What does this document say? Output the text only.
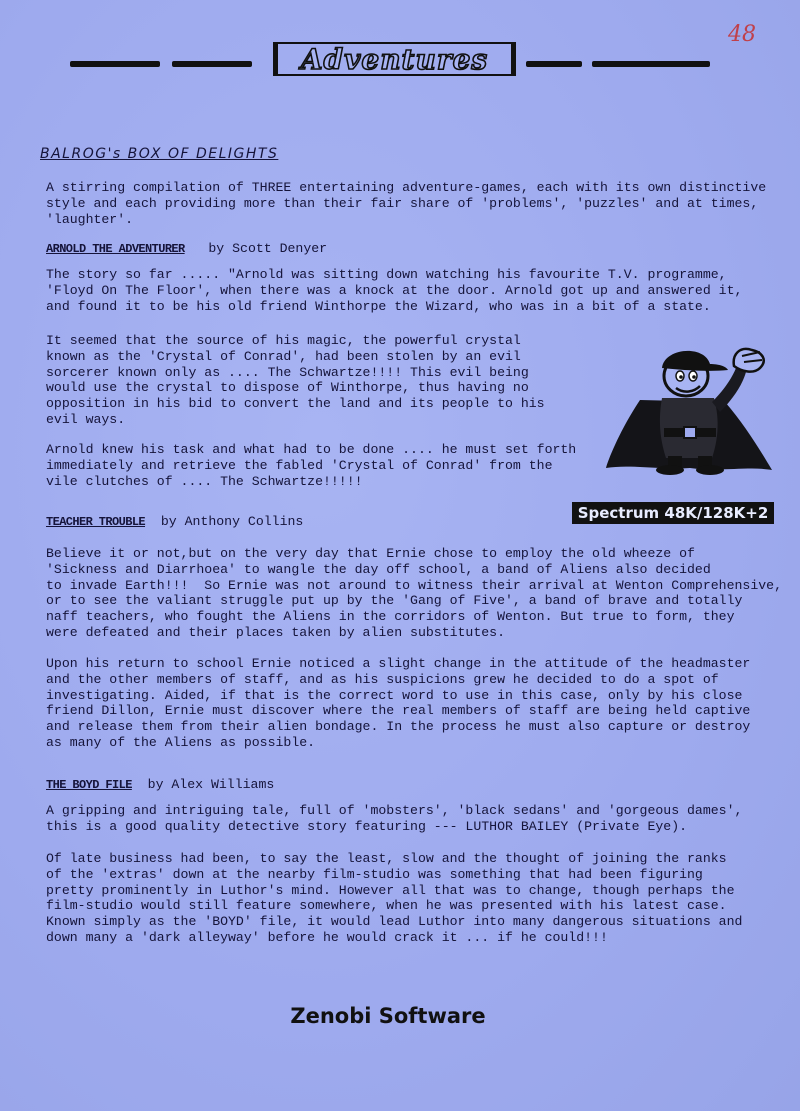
Adventures
48
BALROG's BOX OF DELIGHTS
A stirring compilation of THREE entertaining adventure-games, each with its own distinctive
style and each providing more than their fair share of 'problems', 'puzzles' and at times,
'laughter'.
ARNOLD THE ADVENTURER by Scott Denyer
The story so far ..... "Arnold was sitting down watching his favourite T.V. programme,
'Floyd On The Floor', when there was a knock at the door. Arnold got up and answered it,
and found it to be his old friend Winthorpe the Wizard, who was in a bit of a state.
It seemed that the source of his magic, the powerful crystal
known as the 'Crystal of Conrad', had been stolen by an evil
sorcerer known only as .... The Schwartze!!!! This evil being
would use the crystal to dispose of Winthorpe, thus having no
opposition in his bid to convert the land and its people to his
evil ways.
Arnold knew his task and what had to be done .... he must set forth
immediately and retrieve the fabled 'Crystal of Conrad' from the
vile clutches of .... The Schwartze!!!!!
Spectrum 48K/128K+2
TEACHER TROUBLE by Anthony Collins
Believe it or not,but on the very day that Ernie chose to employ the old wheeze of
'Sickness and Diarrhoea' to wangle the day off school, a band of Aliens also decided
to invade Earth!!!  So Ernie was not around to witness their arrival at Wenton Comprehensive,
or to see the valiant struggle put up by the 'Gang of Five', a band of brave and totally
naff teachers, who fought the Aliens in the corridors of Wenton. But true to form, they
were defeated and their places taken by alien substitutes.
Upon his return to school Ernie noticed a slight change in the attitude of the headmaster
and the other members of staff, and as his suspicions grew he decided to do a spot of
investigating. Aided, if that is the correct word to use in this case, only by his close
friend Dillon, Ernie must discover where the real members of staff are being held captive
and release them from their alien bondage. In the process he must also capture or destroy
as many of the Aliens as possible.
THE BOYD FILE by Alex Williams
A gripping and intriguing tale, full of 'mobsters', 'black sedans' and 'gorgeous dames',
this is a good quality detective story featuring --- LUTHOR BAILEY (Private Eye).
Of late business had been, to say the least, slow and the thought of joining the ranks
of the 'extras' down at the nearby film-studio was something that had been figuring
pretty prominently in Luthor's mind. However all that was to change, though perhaps the
film-studio would still feature somewhere, when he was presented with his latest case.
Known simply as the 'BOYD' file, it would lead Luthor into many dangerous situations and
down many a 'dark alleyway' before he would crack it ... if he could!!!
Zenobi Software
